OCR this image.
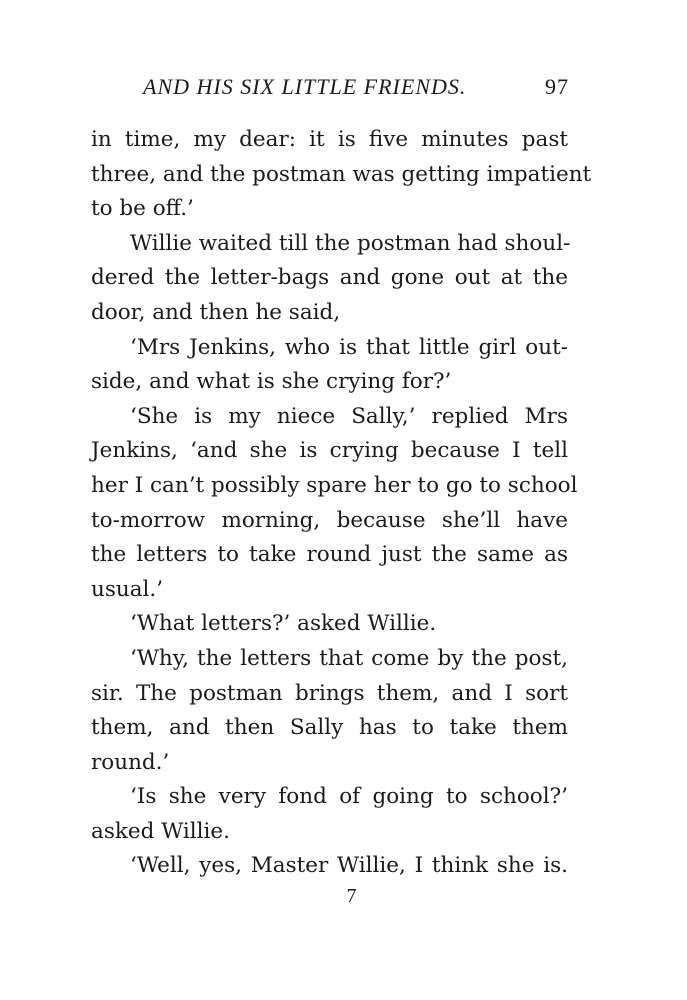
AND HIS SIX LITTLE FRIENDS.	97
in time, my dear: it is five minutes past
three, and the postman was getting impatient
to be off.’
Willie waited till the postman had shoul-
dered the letter-bags and gone out at the
door, and then he said,
‘Mrs Jenkins, who is that little girl out-
side, and what is she crying for?’
‘She is my niece Sally,’ replied Mrs
Jenkins, ‘and she is crying because I tell
her I can’t possibly spare her to go to school
to-morrow morning, because she’ll have
the letters to take round just the same as
usual.’
‘What letters?’ asked Willie.
‘Why, the letters that come by the post,
sir. The postman brings them, and I sort
them, and then Sally has to take them
round.’
‘Is she very fond of going to school?’
asked Willie.
‘Well, yes, Master Willie, I think she is.
7
